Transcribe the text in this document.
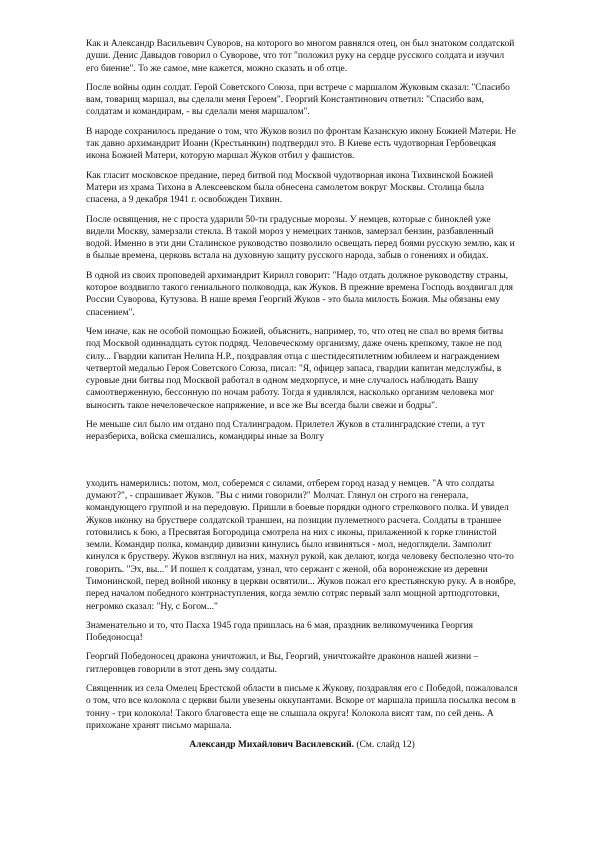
Как и Александр Васильевич Суворов, на которого во многом равнялся отец, он был знатоком солдатской души. Денис Давыдов говорил о Суворове, что тот "положил руку на сердце русского солдата и изучил его биение". То же самое, мне кажется, можно сказать и об отце.

После войны один солдат. Герой Советского Союза, при встрече с маршалом Жуковым сказал: "Спасибо вам, товарищ маршал, вы сделали меня Героем". Георгий Константинович ответил: "Спасибо вам, солдатам и командирам, - вы сделали меня маршалом".

В народе сохранилось предание о том, что Жуков возил по фронтам Казанскую икону Божией Матери. Не так давно архимандрит Иоанн (Крестьянкин) подтвердил это. В Киеве есть чудотворная Гербовецкая икона Божией Матери, которую маршал Жуков отбил у фашистов.

Как гласит московское предание, перед битвой под Москвой чудотворная икона Тихвинской Божией Матери из храма Тихона в Алексеевском была обнесена самолетом вокруг Москвы. Столица была спасена, а 9 декабря 1941 г. освобожден Тихвин.

После освящения, не с проста ударили 50-ти градусные морозы. У немцев, которые с биноклей уже видели Москву, замерзали стекла. В такой мороз у немецких танков, замерзал бензин, разбавленный водой. Именно в эти дни Сталинское руководство позволило освещать перед боями русскую землю, как и в былые времена, церковь встала на духовную защиту русского народа, забыв о гонениях и обидах.

В одной из своих проповедей архимандрит Кирилл говорит: "Надо отдать должное руководству страны, которое воздвигло такого гениального полководца, как Жуков. В прежние времена Господь воздвигал для России Суворова, Кутузова. В наше время Георгий Жуков - это была милость Божия. Мы обязаны ему спасением".

Чем иначе, как не особой помощью Божией, объяснить, например, то, что отец не спал во время битвы под Москвой одиннадцать суток подряд. Человеческому организму, даже очень крепкому, такое не под силу... Гвардии капитан Нелипа Н.Р., поздравляя отца с шестидесятилетним юбилеем и награждением четвертой медалью Героя Советского Союза, писал: "Я, офицер запаса, гвардии капитан медслужбы, в суровые дни битвы под Москвой работал в одном медхорпусе, и мне случалось наблюдать Вашу самоотверженную, бессонную по ночам работу. Тогда я удивлялся, насколько организм человека мог выносить такое нечеловеческое напряжение, и все же Вы всегда были свежи и бодры".

Не меньше сил было им отдано под Сталинградом. Прилетел Жуков в сталинградские степи, а тут неразбериха, войска смешались, командиры иные за Волгу

уходить намерились: потом, мол, соберемся с силами, отберем город назад у немцев. "А что солдаты думают?", - спрашивает Жуков. "Вы с ними говорили?" Молчат. Глянул он строго на генерала, командующего группой и на передовую. Пришли в боевые порядки одного стрелкового полка. И увидел Жуков иконку на бруствере солдатской траншеи, на позиции пулеметного расчета. Солдаты в траншее готовились к бою, а Пресвятая Богородица смотрела на них с иконы, прилаженной к горке глинистой земли. Командир полка, командир дивизии кинулись было извиняться - мол, недоглядели. Замполит кинулся к брустверу. Жуков взглянул на них, махнул рукой, как делают, когда человеку бесполезно что-то говорить. "Эх, вы..." И пошел к солдатам, узнал, что сержант с женой, оба воронежские из деревни Тимонинской, перед войной иконку в церкви освятили... Жуков пожал его крестьянскую руку. А в ноябре, перед началом победного контрнаступления, когда землю сотряс первый залп мощной артподготовки, негромко сказал: "Ну, с Богом..."

Знаменательно и то, что Пасха 1945 года пришлась на 6 мая, праздник великомученика Георгия Победоносца!

Георгий Победоносец дракона уничтожил, и Вы, Георгий, уничтожайте драконов нашей жизни – гитлеровцев говорили в этот день эму солдаты.

Священник из села Омелец Брестской области в письме к Жукову, поздравляя его с Победой, пожаловался о том, что все колокола с церкви были увезены оккупантами. Вскоре от маршала пришла посылка весом в тонну - три колокола! Такого благовеста еще не слышала округа! Колокола висят там, по сей день. А прихожане хранят письмо маршала.

Александр Михайлович Василевский. (См. слайд 12)
